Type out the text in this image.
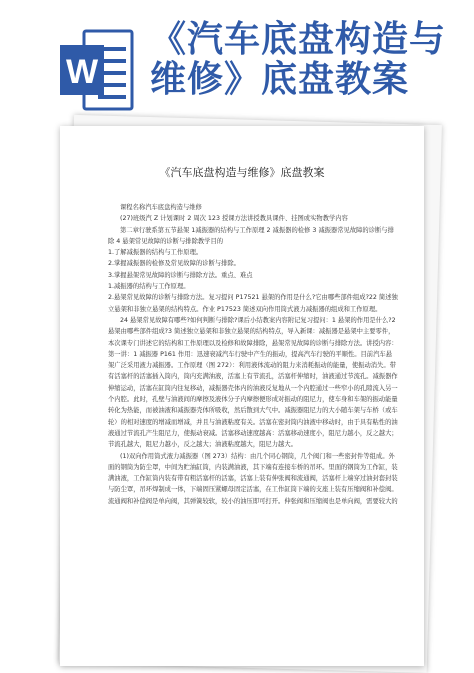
W
《汽车底盘构造与
维修》底盘教案
《汽车底盘构造与维修》底盘教案

课程名称汽车底盘构造与维修

(27)班级汽 Z 计划课时 2 周次 123 授课方法讲授教具课件、挂图或实物教学内容

第二章行驶系第五节悬架 1减振器的结构与工作原理 2 减振器的检修 3 减振器常见故障的诊断与排除 4 悬架常见故障的诊断与排除教学目的

1.了解减振器的结构与工作原理。

2.掌握减振器的检修及常见故障的诊断与排除。

3.掌握悬架常见故障的诊断与排除方法。重点、难点

1.减振器的结构与工作原理。

2.悬架常见故障的诊断与排除方法。复习提问 P17521 悬架的作用是什么?它由哪些部件组成?22 简述独立悬架和非独立悬架的结构特点。作业 P17523 简述双向作用筒式液力减振器的组成和工作原理。

24 悬架常见故障有哪些?如何判断与排除?课后小结教案内容附记复习提问：1 悬架的作用是什么?2 悬架由哪些部件组成?3 简述独立悬架和非独立悬架的结构特点，导入新课：减振器是悬架中主要零件，本次课专门讲述它的结构和工作原理以及检修和故障排除，悬架常见故障的诊断与排除方法。讲授内容：第一讲：1 减振器 P161 作用：迅速衰减汽车行驶中产生的振动，提高汽车行驶的平顺性。目前汽车悬架广泛采用液力减振器。工作原理（图 272）：利用液体流动的阻力来消耗振动的能量，使振动消失。带有活塞杆的活塞插入筒内，筒内充满油液，活塞上有节流孔，活塞杆伸缩时，油液通过节流孔。减振器作伸缩运动，活塞在缸筒内往复移动，减振器壳体内的油液反复地从一个内腔通过一些窄小的孔隙流入另一个内腔。此时，孔壁与油液间的摩擦及液体分子内摩擦便形成对振动的阻尼力，使车身和车架的振动能量转化为热能，而被油液和减振器壳体所吸收，然后散到大气中。减振器阻尼力的大小随车架与车桥（或车轮）的相对速度的增减而增减，并且与油液粘度有关。活塞在密封筒内油液中移动时，由于具有粘性的油液通过节流孔产生阻尼力，使振动衰减。活塞移动速度越高：活塞移动速度小，阻尼力越小，反之越大；节流孔越大，阻尼力越小，反之越大；油液粘度越大，阻尼力越大。

(1)双向作用筒式液力减振器（图 273）结构：由几个同心钢筒，几个阀门和一些密封件等组成。外面的钢筒为防尘罩，中间为贮油缸筒，内装满油液，其下端有连接车桥的吊环。里面的钢筒为工作缸，装满油液，工作缸筒内装有带有粗活塞杆的活塞，活塞上装有伸张阀和流通阀，活塞杆上端穿过油封套封装与防尘罩，吊环焊制成一体，下端固压紧螺母固定活塞，在工作缸筒下端的支座上装有压缩阀和补偿阀。流通阀和补偿阀是单向阀，其弹簧较软，较小的油压即可打开。伸张阀和压缩阀也是单向阀，需要较大的
